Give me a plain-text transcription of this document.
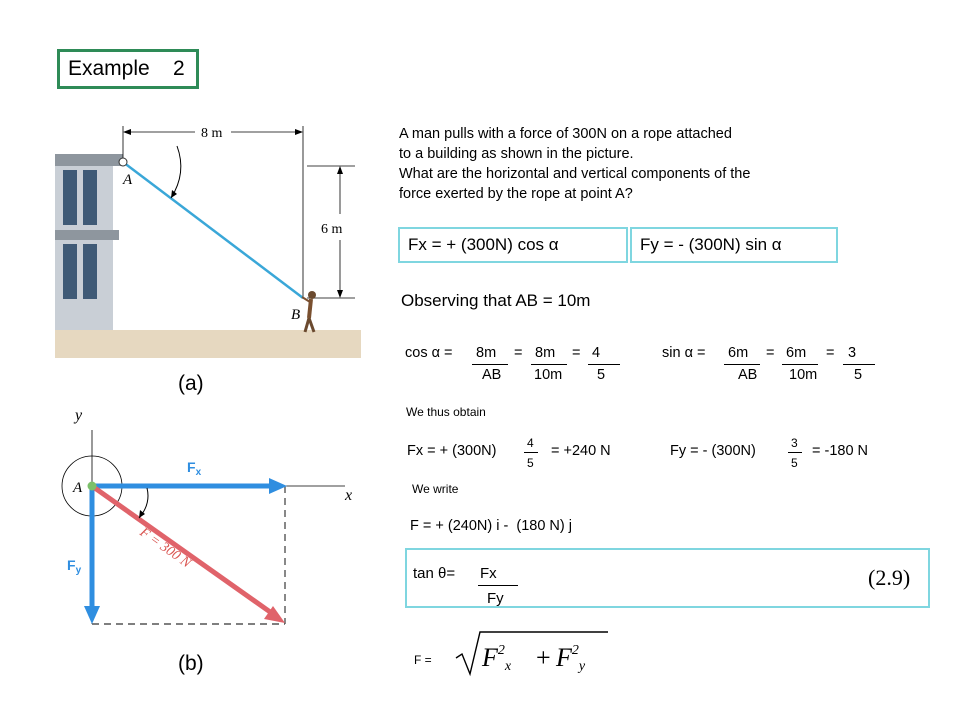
Example    2
8 m
6 m
A
B
(a)
y
x
A
$F_x$
$F_y$	F = 300 N
(b)
A man pulls with a force of 300N on a rope attached
to a building as shown in the picture.
What are the horizontal and vertical components of the
force exerted by the rope at point A?
Fx = + (300N) cos α	Fy = - (300N) sin α
Observing that AB = 10m
cos α = 8m
AB
= 8m
10m
= 4
5
sin α = 6m
AB
= 6m
10m
= 3
5
We thus obtain
Fx = + (300N)	4
5
= +240 N	Fy = - (300N)	3
5
= -180 N
We write
F = + (240N) i -  (180 N) j
tan θ= Fx
Fy
(2.9)
$F = F^2_x + F^2_y$
